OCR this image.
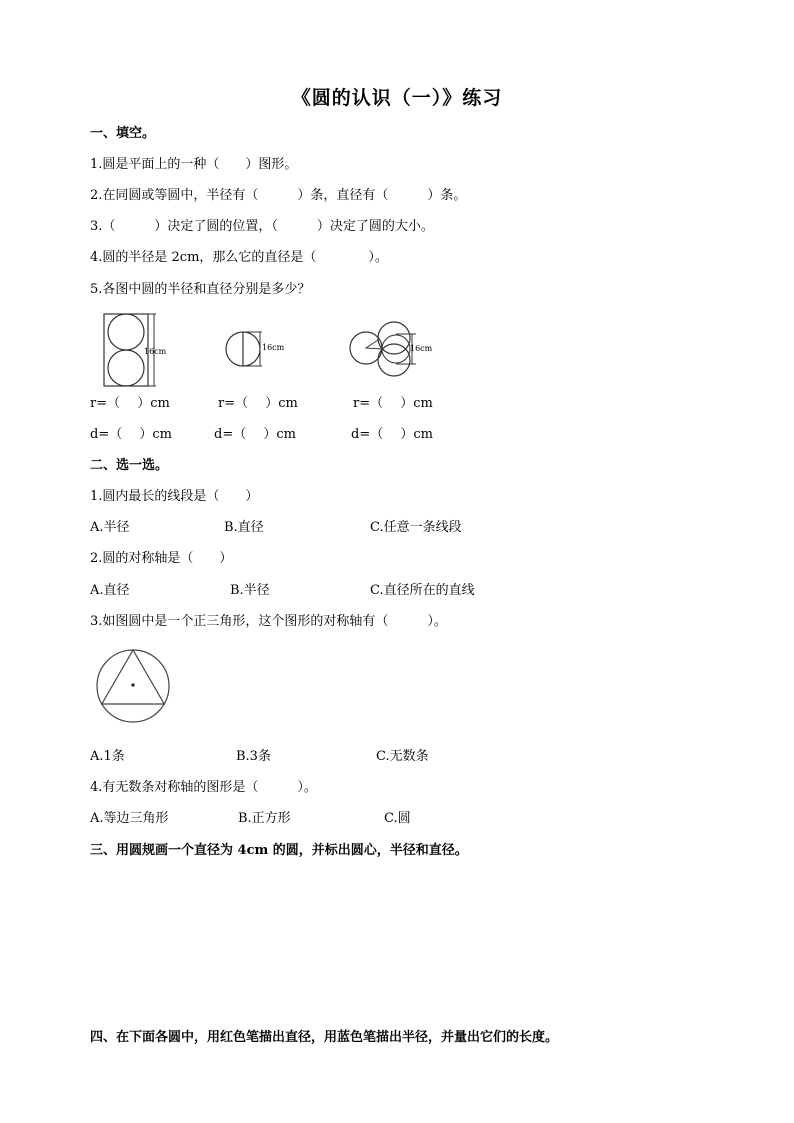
《圆的认识（一）》练习
一、填空。
1.圆是平面上的一种（　　）图形。
2.在同圆或等圆中，半径有（　　　）条，直径有（　　　）条。
3.（　　　）决定了圆的位置，（　　　）决定了圆的大小。
4.圆的半径是 2cm，那么它的直径是（　　　　）。
5.各图中圆的半径和直径分别是多少？
16cm	16cm	16cm
r=（　 ）cm	r=（　 ）cm	r=（　 ）cm
d=（　 ）cm	d=（　 ）cm	d=（　 ）cm
二、选一选。
1.圆内最长的线段是（　　）
A.半径	B.直径	C.任意一条线段
2.圆的对称轴是（　　）
A.直径	B.半径	C.直径所在的直线
3.如图圆中是一个正三角形，这个图形的对称轴有（　　　）。
A.1条	B.3条	C.无数条
4.有无数条对称轴的图形是（　　　）。
A.等边三角形	B.正方形	C.圆
三、用圆规画一个直径为 4cm 的圆，并标出圆心，半径和直径。
四、在下面各圆中，用红色笔描出直径，用蓝色笔描出半径，并量出它们的长度。
